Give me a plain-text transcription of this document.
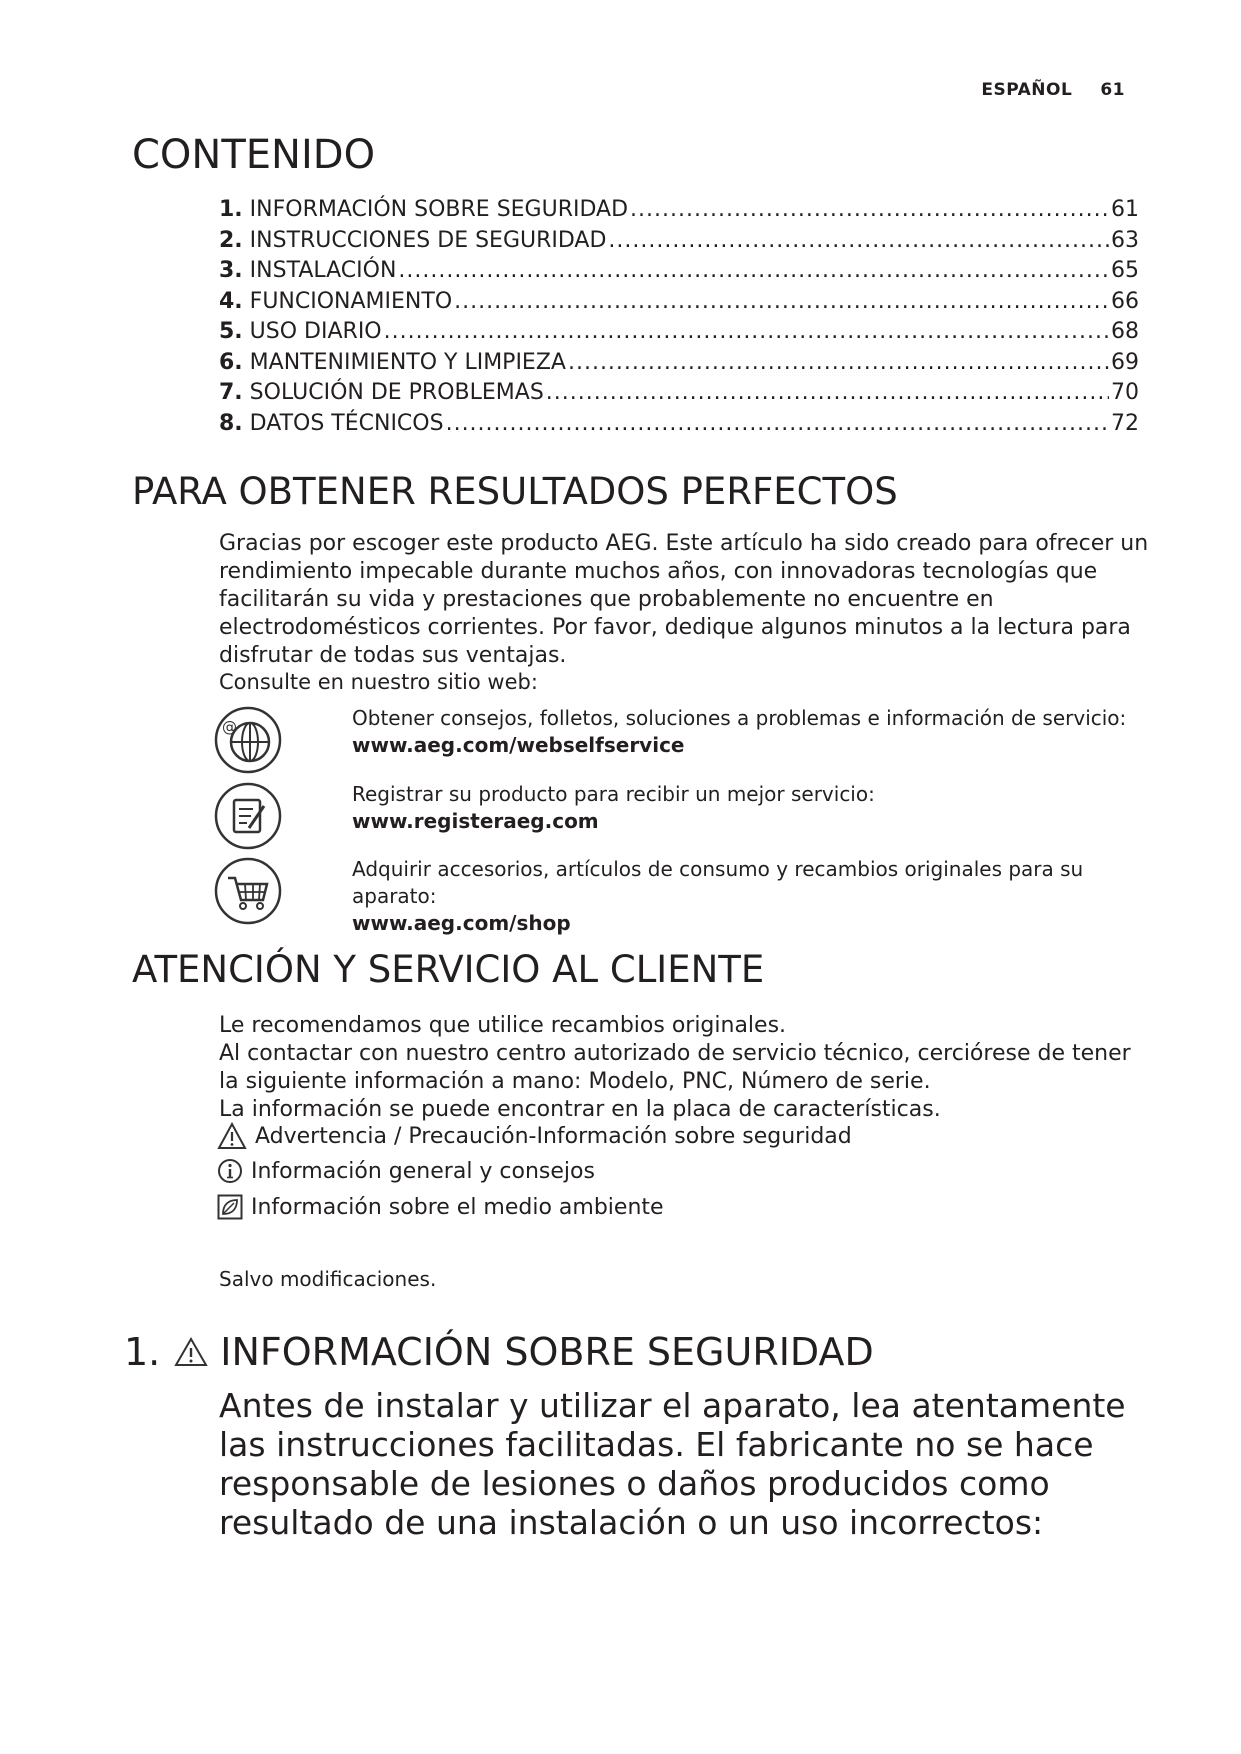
ESPAÑOL 61
CONTENIDO
1. INFORMACIÓN SOBRE SEGURIDAD .....	61
2. INSTRUCCIONES DE SEGURIDAD .....	63
3. INSTALACIÓN .....	65
4. FUNCIONAMIENTO .....	66
5. USO DIARIO .....	68
6. MANTENIMIENTO Y LIMPIEZA .....	69
7. SOLUCIÓN DE PROBLEMAS .....	70
8. DATOS TÉCNICOS .....	72
PARA OBTENER RESULTADOS PERFECTOS

Gracias por escoger este producto AEG. Este artículo ha sido creado para ofrecer un rendimiento impecable durante muchos años, con innovadoras tecnologías que facilitarán su vida y prestaciones que probablemente no encuentre en electrodomésticos corrientes. Por favor, dedique algunos minutos a la lectura para disfrutar de todas sus ventajas.

Consulte en nuestro sitio web:
@	Obtener consejos, folletos, soluciones a problemas e información de servicio:
www.aeg.com/webselfservice
Registrar su producto para recibir un mejor servicio:
www.registeraeg.com
Adquirir accesorios, artículos de consumo y recambios originales para su aparato:
www.aeg.com/shop
ATENCIÓN Y SERVICIO AL CLIENTE
Le recomendamos que utilice recambios originales.
Al contactar con nuestro centro autorizado de servicio técnico, cerciórese de tener la siguiente información a mano: Modelo, PNC, Número de serie.
La información se puede encontrar en la placa de características.
Advertencia / Precaución-Información sobre seguridad
Información general y consejos
Información sobre el medio ambiente
Salvo modificaciones.
1. INFORMACIÓN SOBRE SEGURIDAD

Antes de instalar y utilizar el aparato, lea atentamente las instrucciones facilitadas. El fabricante no se hace responsable de lesiones o daños producidos como resultado de una instalación o un uso incorrectos:
